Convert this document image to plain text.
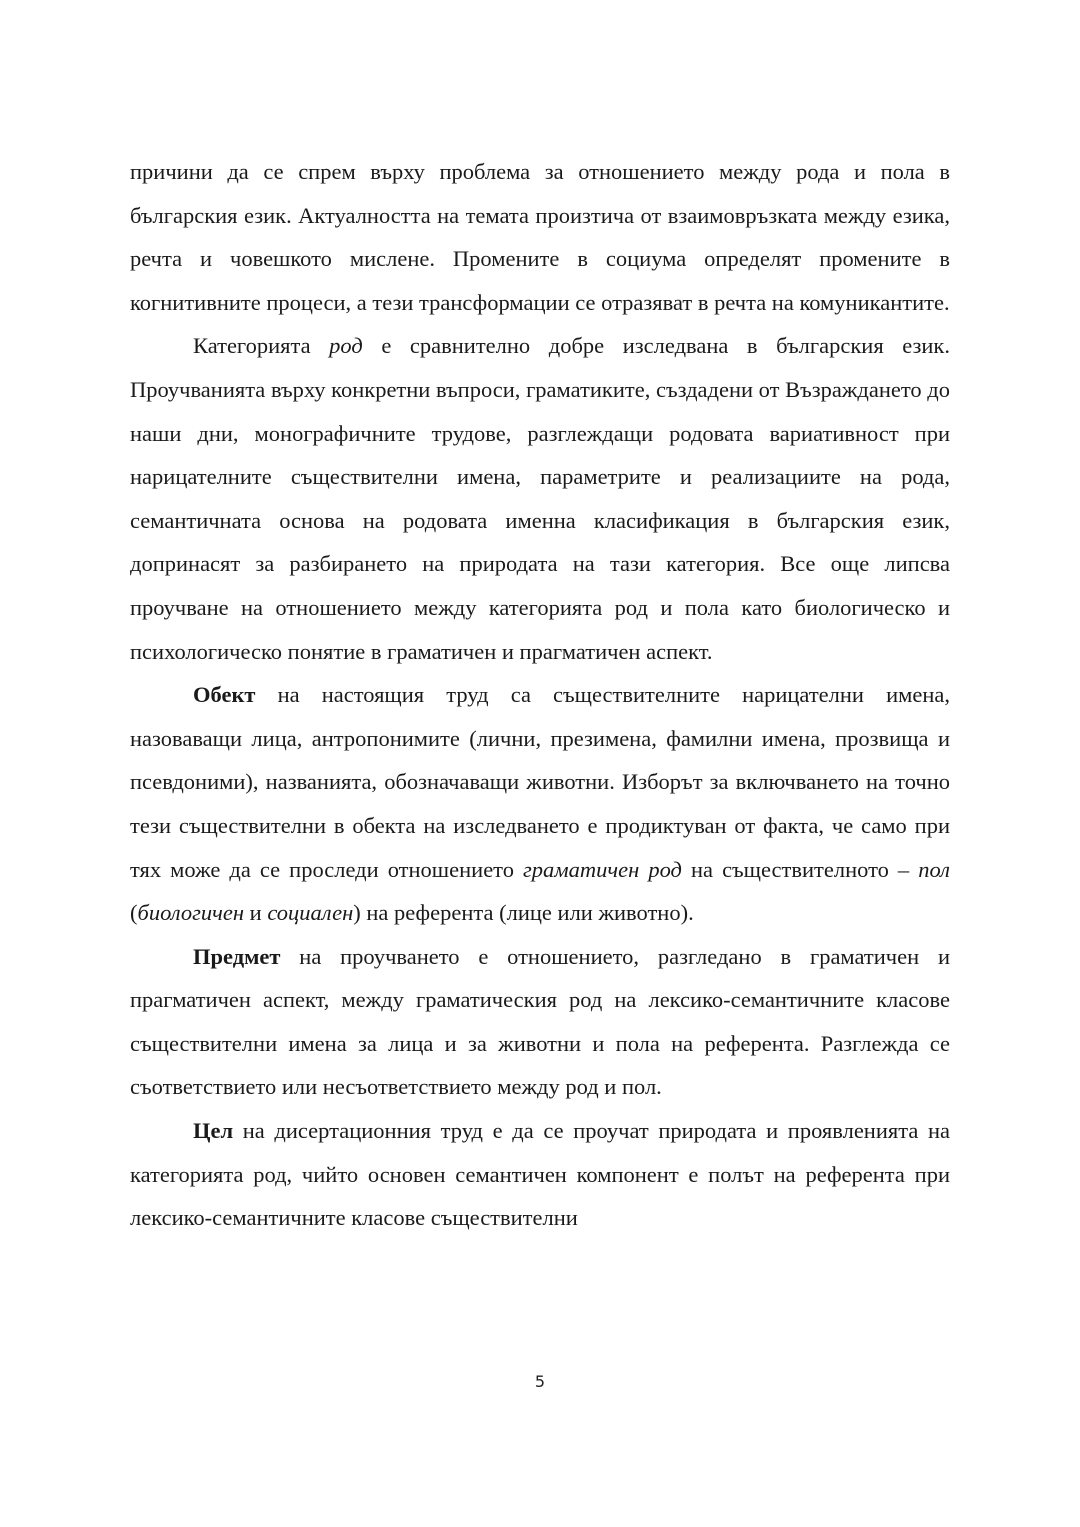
причини да се спрем върху проблема за отношението между рода и пола в българския език. Актуалността на темата произтича от взаимовръзката между езика, речта и човешкото мислене. Промените в социума определят промените в когнитивните процеси, а тези трансформации се отразяват в речта на комуникантите.

Категорията род е сравнително добре изследвана в българския език. Проучванията върху конкретни въпроси, граматиките, създадени от Възраждането до наши дни, монографичните трудове, разглеждащи родовата вариативност при нарицателните съществителни имена, параметрите и реализациите на рода, семантичната основа на родовата именна класификация в българския език, допринасят за разбирането на природата на тази категория. Все още липсва проучване на отношението между категорията род и пола като биологическо и психологическо понятие в граматичен и прагматичен аспект.

Обект на настоящия труд са съществителните нарицателни имена, назоваващи лица, антропонимите (лични, презимена, фамилни имена, прозвища и псевдоними), названията, обозначаващи животни. Изборът за включването на точно тези съществителни в обекта на изследването е продиктуван от факта, че само при тях може да се проследи отношението граматичен род на съществителното – пол (биологичен и социален) на референта (лице или животно).

Предмет на проучването е отношението, разгледано в граматичен и прагматичен аспект, между граматическия род на лексико-семантичните класове съществителни имена за лица и за животни и пола на референта. Разглежда се съответствието или несъответствието между род и пол.

Цел на дисертационния труд е да се проучат природата и проявленията на категорията род, чийто основен семантичен компонент е полът на референта при лексико-семантичните класове съществителни

5
